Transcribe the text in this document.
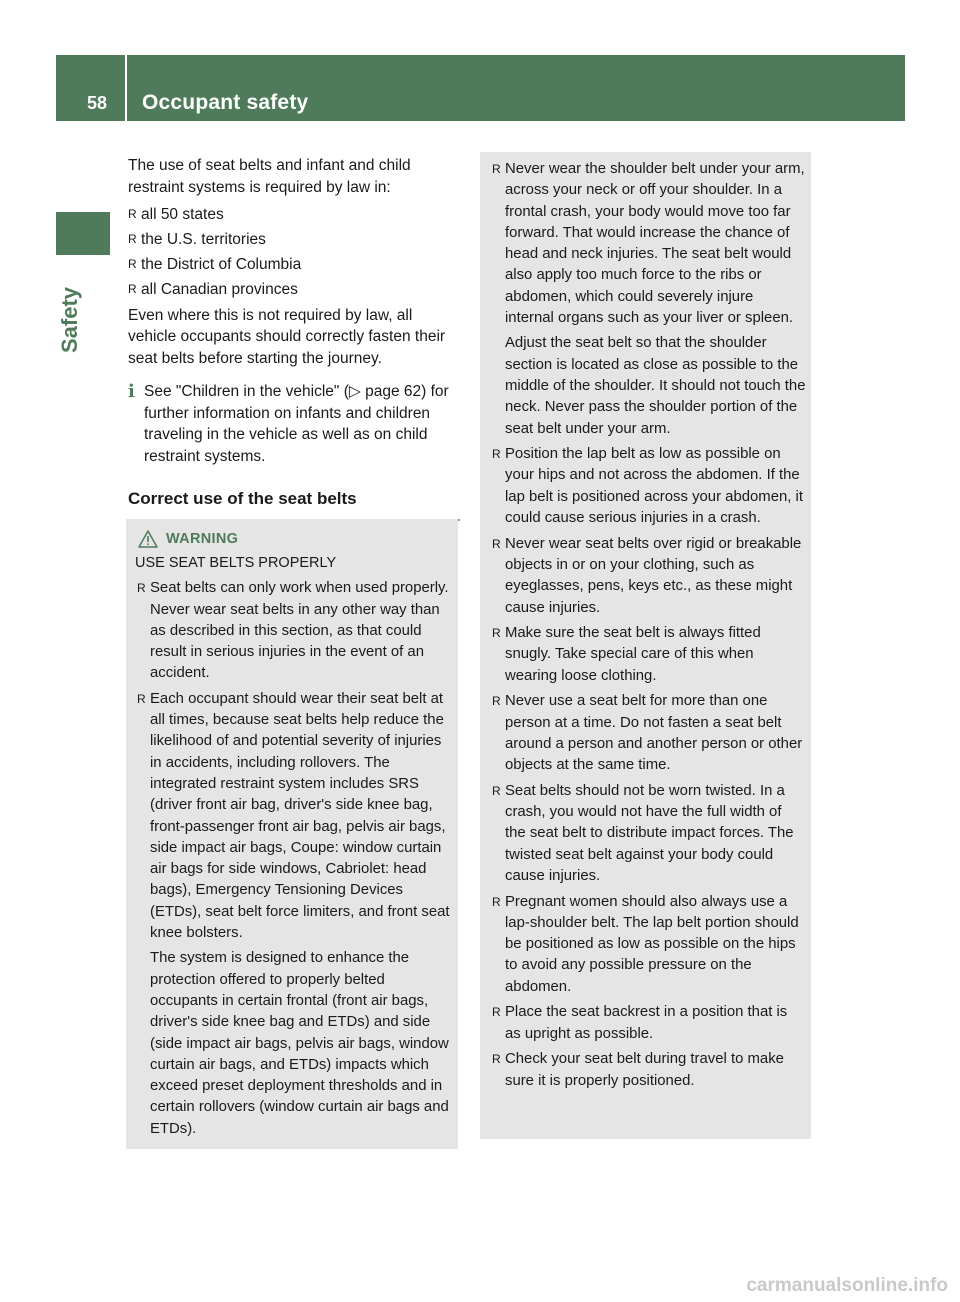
58 Occupant safety
Safety

The use of seat belts and infant and child restraint systems is required by law in:

R all 50 states
R the U.S. territories
R the District of Columbia
R all Canadian provinces

Even where this is not required by law, all vehicle occupants should correctly fasten their seat belts before starting the journey.

i See "Children in the vehicle" (▷ page 62) for further information on infants and children traveling in the vehicle as well as on child restraint systems.
Correct use of the seat belts
WARNING
USE SEAT BELTS PROPERLY
R Seat belts can only work when used properly. Never wear seat belts in any other way than as described in this section, as that could result in serious injuries in the event of an accident.

R Each occupant should wear their seat belt at all times, because seat belts help reduce the likelihood of and potential severity of injuries in accidents, including rollovers. The integrated restraint system includes SRS (driver front air bag, driver's side knee bag, front-passenger front air bag, pelvis air bags, side impact air bags, Coupe: window curtain air bags for side windows, Cabriolet: head bags), Emergency Tensioning Devices (ETDs), seat belt force limiters, and front seat knee bolsters.

The system is designed to enhance the protection offered to properly belted occupants in certain frontal (front air bags, driver's side knee bag and ETDs) and side (side impact air bags, pelvis air bags, window curtain air bags, and ETDs) impacts which exceed preset deployment thresholds and in certain rollovers (window curtain air bags and ETDs).

R Never wear the shoulder belt under your arm, across your neck or off your shoulder. In a frontal crash, your body would move too far forward. That would increase the chance of head and neck injuries. The seat belt would also apply too much force to the ribs or abdomen, which could severely injure internal organs such as your liver or spleen.

Adjust the seat belt so that the shoulder section is located as close as possible to the middle of the shoulder. It should not touch the neck. Never pass the shoulder portion of the seat belt under your arm.

R Position the lap belt as low as possible on your hips and not across the abdomen. If the lap belt is positioned across your abdomen, it could cause serious injuries in a crash.

R Never wear seat belts over rigid or breakable objects in or on your clothing, such as eyeglasses, pens, keys etc., as these might cause injuries.

R Make sure the seat belt is always fitted snugly. Take special care of this when wearing loose clothing.

R Never use a seat belt for more than one person at a time. Do not fasten a seat belt around a person and another person or other objects at the same time.

R Seat belts should not be worn twisted. In a crash, you would not have the full width of the seat belt to distribute impact forces. The twisted seat belt against your body could cause injuries.

R Pregnant women should also always use a lap-shoulder belt. The lap belt portion should be positioned as low as possible on the hips to avoid any possible pressure on the abdomen.

R Place the seat backrest in a position that is as upright as possible.

R Check your seat belt during travel to make sure it is properly positioned.

carmanualsonline.info
